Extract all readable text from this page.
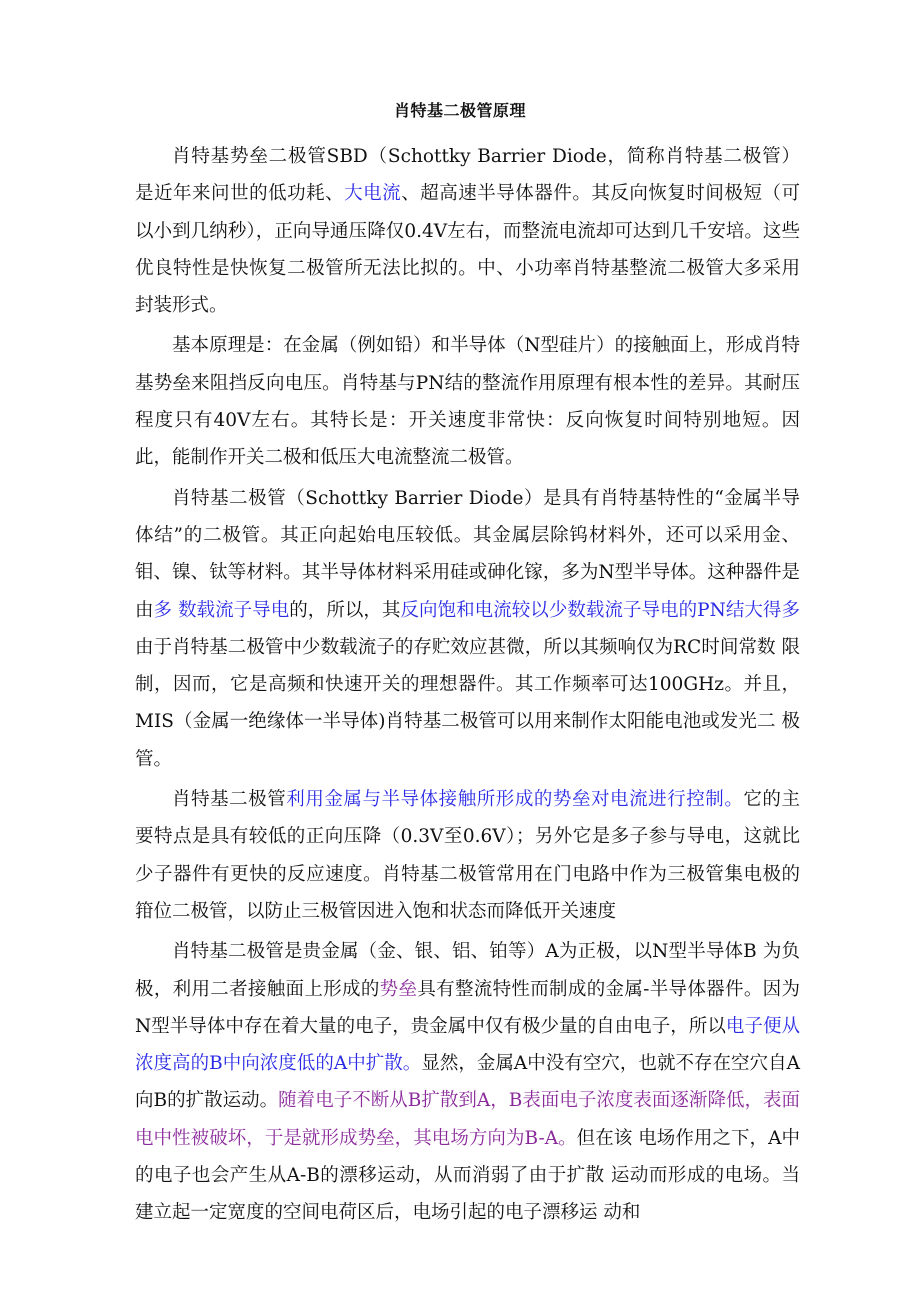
肖特基二极管原理

肖特基势垒二极管SBD（Schottky Barrier Diode，简称肖特基二极管）是近年来问世的低功耗、大电流、超高速半导体器件。其反向恢复时间极短（可以小到几纳秒），正向导通压降仅0.4V左右，而整流电流却可达到几千安培。这些优良特性是快恢复二极管所无法比拟的。中、小功率肖特基整流二极管大多采用封装形式。

基本原理是：在金属（例如铅）和半导体（N型硅片）的接触面上，形成肖特基势垒来阻挡反向电压。肖特基与PN结的整流作用原理有根本性的差异。其耐压程度只有40V左右。其特长是：开关速度非常快：反向恢复时间特别地短。因此，能制作开关二极和低压大电流整流二极管。

肖特基二极管（Schottky Barrier Diode）是具有肖特基特性的“金属半导体结”的二极管。其正向起始电压较低。其金属层除钨材料外，还可以采用金、钼、镍、钛等材料。其半导体材料采用硅或砷化镓，多为N型半导体。这种器件是由多 数载流子导电的，所以，其反向饱和电流较以少数载流子导电的PN结大得多 由于肖特基二极管中少数载流子的存贮效应甚微，所以其频响仅为RC时间常数 限制，因而，它是高频和快速开关的理想器件。其工作频率可达100GHz。并且， MIS（金属一绝缘体一半导体)肖特基二极管可以用来制作太阳能电池或发光二 极管。

肖特基二极管利用金属与半导体接触所形成的势垒对电流进行控制。它的主要特点是具有较低的正向压降（0.3V至0.6V）；另外它是多子参与导电，这就比少子器件有更快的反应速度。肖特基二极管常用在门电路中作为三极管集电极的箝位二极管，以防止三极管因进入饱和状态而降低开关速度

肖特基二极管是贵金属（金、银、铝、铂等）A为正极，以N型半导体B 为负极，利用二者接触面上形成的势垒具有整流特性而制成的金属-半导体器件。因为N型半导体中存在着大量的电子，贵金属中仅有极少量的自由电子，所以电子便从浓度高的B中向浓度低的A中扩散。显然，金属A中没有空穴，也就不存在空穴自A向B的扩散运动。随着电子不断从B扩散到A，B表面电子浓度表面逐渐降低，表面电中性被破坏，于是就形成势垒，其电场方向为B-A。但在该 电场作用之下，A中的电子也会产生从A-B的漂移运动，从而消弱了由于扩散 运动而形成的电场。当建立起一定宽度的空间电荷区后，电场引起的电子漂移运 动和
